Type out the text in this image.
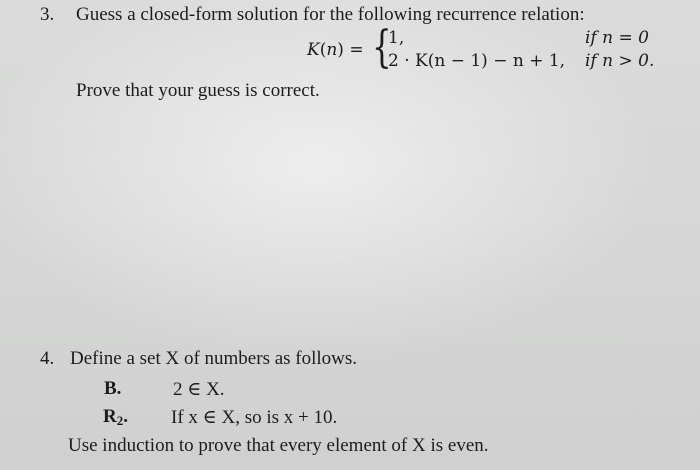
3. Guess a closed-form solution for the following recurrence relation:
K(n) = {
1,	if n = 0
2 · K(n − 1) − n + 1, if n > 0.
Prove that your guess is correct.
4. Define a set X of numbers as follows.
B.	2 ∈ X.
$R_2$. If x ∈ X, so is x + 10.
Use induction to prove that every element of X is even.
